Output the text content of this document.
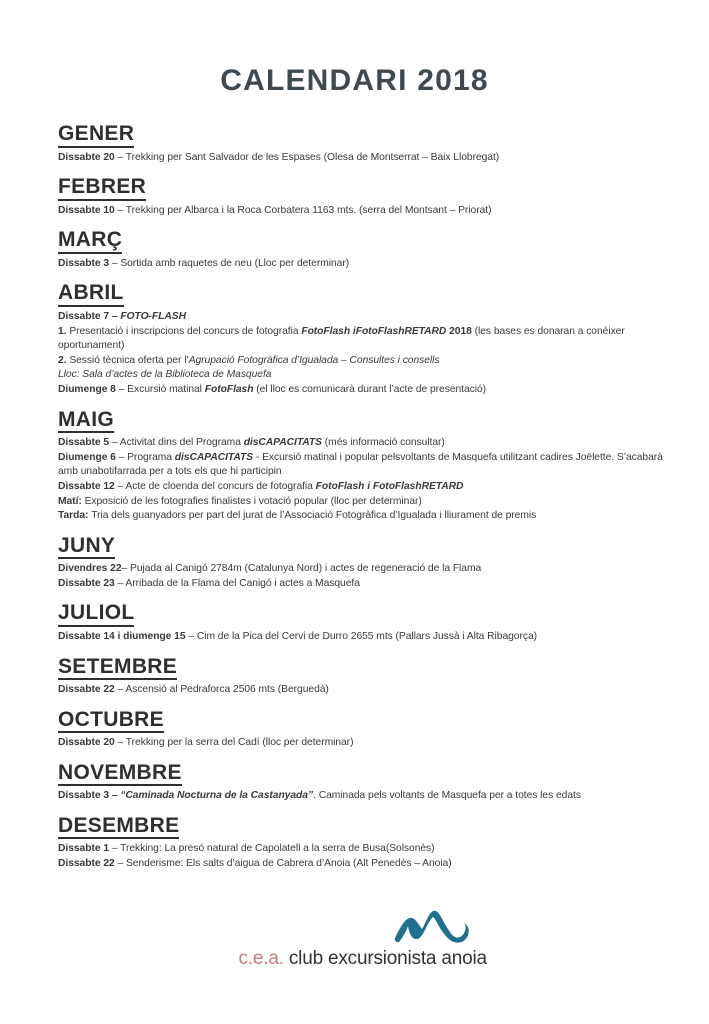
CALENDARI 2018
GENER
Dissabte 20 – Trekking per Sant Salvador de les Espases (Olesa de Montserrat – Baix Llobregat)
FEBRER
Dissabte 10 – Trekking per Albarca i la Roca Corbatera 1163 mts. (serra del Montsant – Priorat)
MARÇ
Dissabte 3 – Sortida amb raquetes de neu (Lloc per determinar)
ABRIL
Dissabte 7 – FOTO-FLASH
1. Presentació i inscripcions del concurs de fotografia FotoFlash iFotoFlashRETARD 2018 (les bases es donaran a conèixer oportunament)
2. Sessió tècnica oferta per l’Agrupació Fotogràfica d’Igualada – Consultes i consells
Lloc: Sala d’actes de la Biblioteca de Masquefa
Diumenge 8 – Excursió matinal FotoFlash (el lloc es comunicarà durant l’acte de presentació)
MAIG
Dissabte 5 – Activitat dins del Programa disCAPACITATS (més informació consultar)
Diumenge 6 – Programa disCAPACITATS - Excursió matinal i popular pelsvoltants de Masquefa utilitzant cadires Joëlette. S’acabarà amb unabotifarrada per a tots els que hi participin
Dissabte 12 – Acte de cloenda del concurs de fotografia FotoFlash i FotoFlashRETARD
Matí: Exposició de les fotografies finalistes i votació popular (lloc per determinar)
Tarda: Tria dels guanyadors per part del jurat de l’Associació Fotogràfica d’Igualada i lliurament de premis
JUNY
Divendres 22– Pujada al Canigó 2784m (Catalunya Nord) i actes de regeneració de la Flama
Dissabte 23 – Arribada de la Flama del Canigó i actes a Masquefa
JULIOL
Dissabte 14 i diumenge 15 – Cim de la Pica del Cervi de Durro 2655 mts (Pallars Jussà i Alta Ribagorça)
SETEMBRE
Dissabte 22 – Ascensió al Pedraforca 2506 mts (Berguedà)
OCTUBRE
Dissabte 20 – Trekking per la serra del Cadí (lloc per determinar)
NOVEMBRE
Dissabte 3 – “Caminada Nocturna de la Castanyada”. Caminada pels voltants de Masquefa per a totes les edats
DESEMBRE
Dissabte 1 – Trekking: La presó natural de Capolatell a la serra de Busa(Solsonès)
Dissabte 22 – Senderisme: Els salts d’aigua de Cabrera d’Anoia (Alt Penedès – Anoia)
c.e.a. club excursionista anoia
